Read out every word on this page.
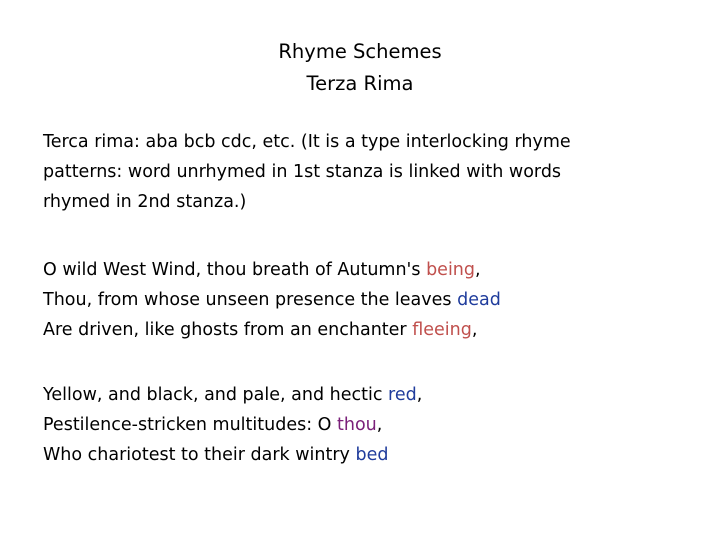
Rhyme Schemes
Terza Rima
Terca rima: aba bcb cdc, etc. (It is a type interlocking rhyme
patterns: word unrhymed in 1st stanza is linked with words
rhymed in 2nd stanza.)
O wild West Wind, thou breath of Autumn's being,
Thou, from whose unseen presence the leaves dead
Are driven, like ghosts from an enchanter fleeing,
Yellow, and black, and pale, and hectic red,
Pestilence-stricken multitudes: O thou,
Who chariotest to their dark wintry bed
